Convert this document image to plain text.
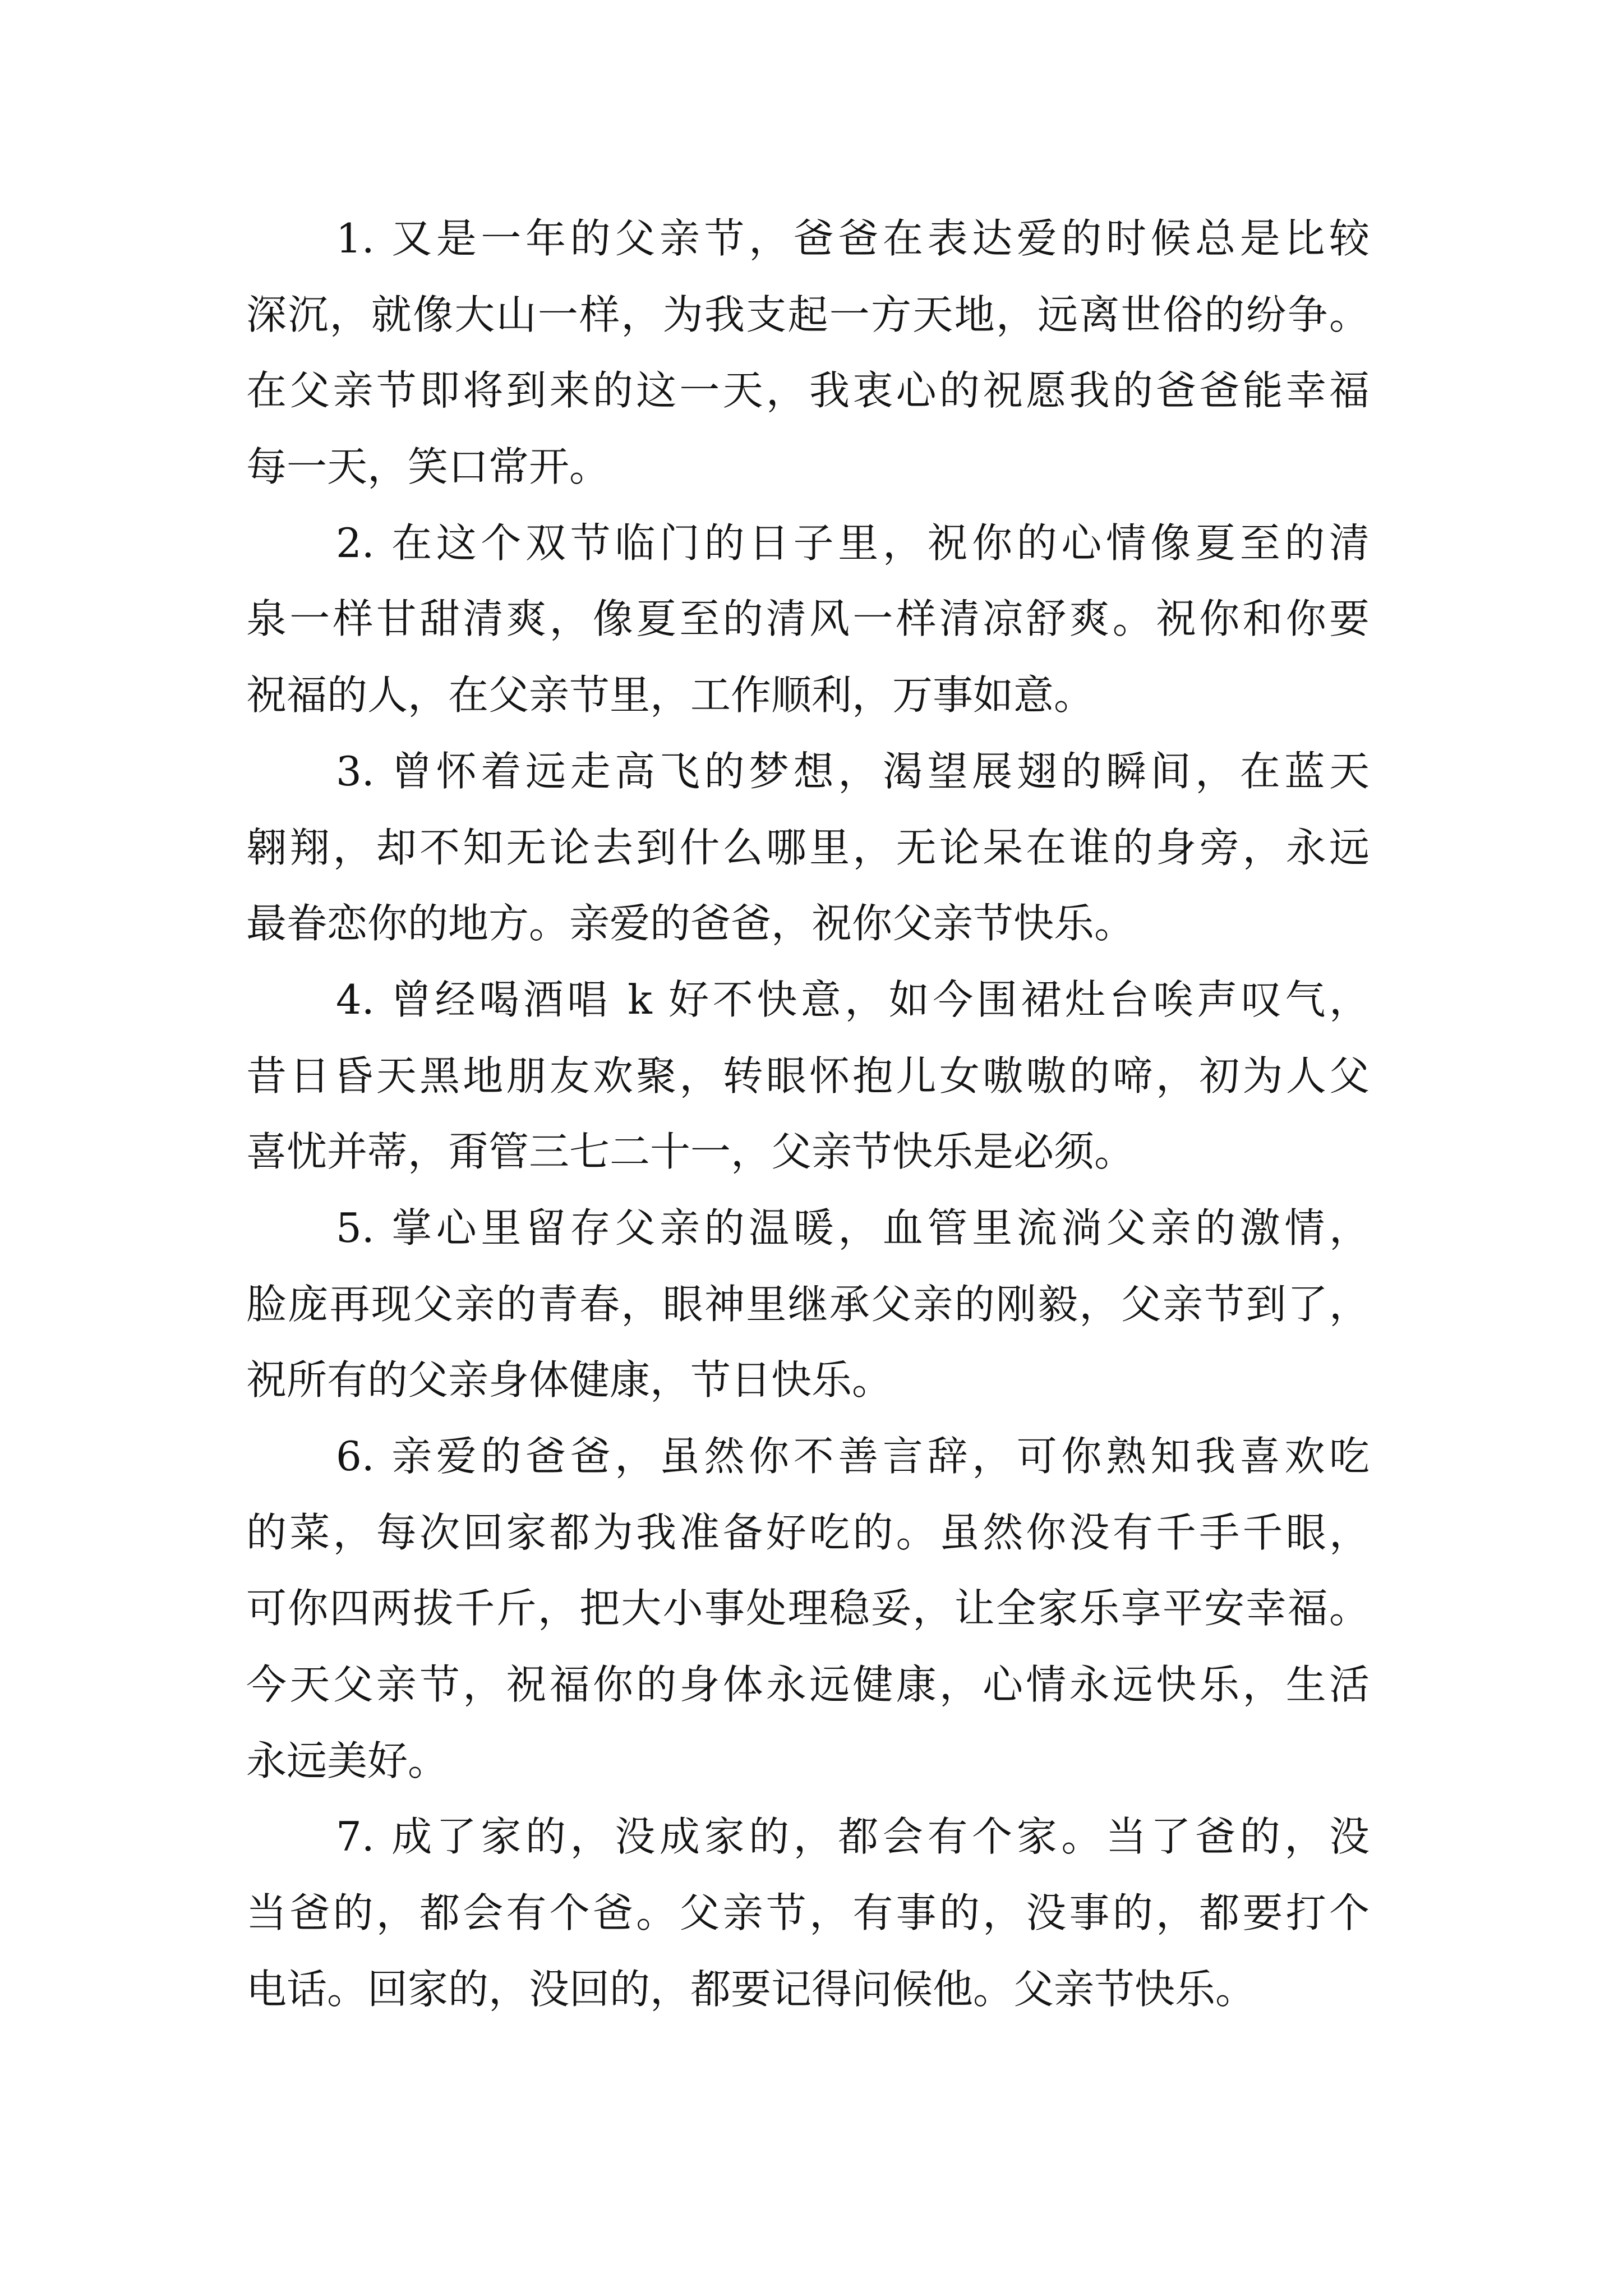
1. 又是一年的父亲节，爸爸在表达爱的时候总是比较
深沉，就像大山一样，为我支起一方天地，远离世俗的纷争。
在父亲节即将到来的这一天，我衷心的祝愿我的爸爸能幸福
每一天，笑口常开。
2. 在这个双节临门的日子里，祝你的心情像夏至的清
泉一样甘甜清爽，像夏至的清风一样清凉舒爽。祝你和你要
祝福的人，在父亲节里，工作顺利，万事如意。
3. 曾怀着远走高飞的梦想，渴望展翅的瞬间，在蓝天
翱翔，却不知无论去到什么哪里，无论呆在谁的身旁，永远
最眷恋你的地方。亲爱的爸爸，祝你父亲节快乐。
4. 曾经喝酒唱 k 好不快意，如今围裙灶台唉声叹气，
昔日昏天黑地朋友欢聚，转眼怀抱儿女嗷嗷的啼，初为人父
喜忧并蒂，甭管三七二十一，父亲节快乐是必须。
5. 掌心里留存父亲的温暖，血管里流淌父亲的激情，
脸庞再现父亲的青春，眼神里继承父亲的刚毅，父亲节到了，
祝所有的父亲身体健康，节日快乐。
6. 亲爱的爸爸，虽然你不善言辞，可你熟知我喜欢吃
的菜，每次回家都为我准备好吃的。虽然你没有千手千眼，
可你四两拔千斤，把大小事处理稳妥，让全家乐享平安幸福。
今天父亲节，祝福你的身体永远健康，心情永远快乐，生活
永远美好。
7. 成了家的，没成家的，都会有个家。当了爸的，没
当爸的，都会有个爸。父亲节，有事的，没事的，都要打个
电话。回家的，没回的，都要记得问候他。父亲节快乐。
